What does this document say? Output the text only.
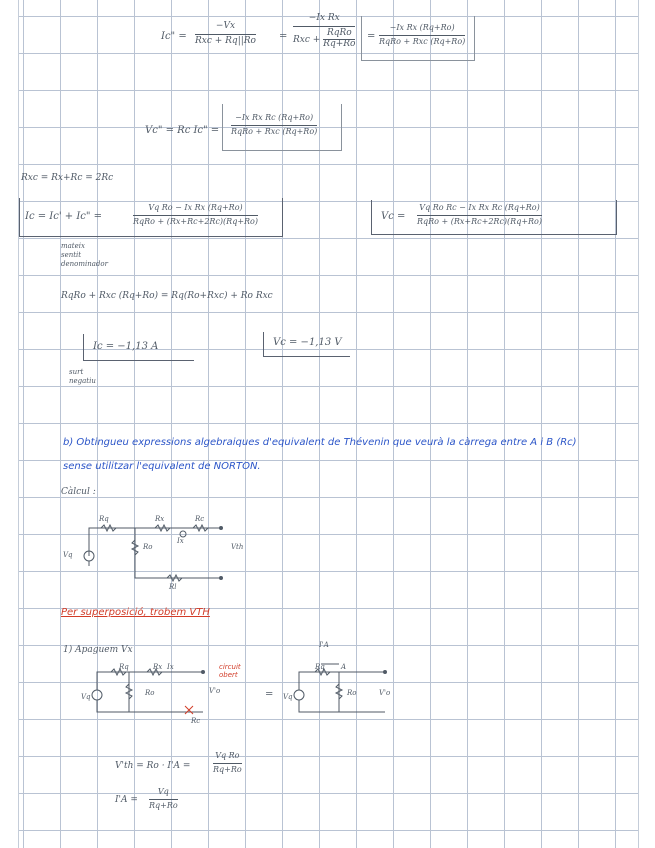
Ic" =
−Vx
Rxc + Rq||Ro =
−Ix Rx
Rxc +
RqRo
Rq+Ro
=
−Ix Rx (Rq+Ro)
RqRo + Rxc (Rq+Ro)
Vc" = Rc Ic" =
−Ix Rx Rc (Rq+Ro)
RqRo + Rxc (Rq+Ro)
Rxc = Rx+Rc = 2Rc
Ic = Ic' + Ic" =
Vq Ro − Ix Rx (Rq+Ro)
RqRo + (Rx+Rc+2Rc)(Rq+Ro)
mateix
sentit
denominador
Vc =
Vq Ro Rc − Ix Rx Rc (Rq+Ro)
RqRo + (Rx+Rc+2Rc)(Rq+Ro)
RqRo + Rxc (Rq+Ro) = Rq(Ro+Rxc) + Ro Rxc
Ic = −1,13 A	Vc = −1,13 V
surt
negatiu
b) Obtingueu expressions algebraiques d'equivalent de Thévenin que veurà la càrrega entre A i B (Rc)
sense utilitzar l'equivalent de NORTON.
Càlcul :
Rq	Rx	Rc
Ix
Ro
Vq
Rl
Vth
Per superposició, trobem VTH
1) Apaguem Vx
Rq	Rx Ix
Ro
Vq
Rc
V'o
circuit obert
=
I'A
Rq A
Ro
Vq	V'o
V'th = Ro · I'A =
Vq Ro
Rq+Ro
I'A =
Vq
Rq+Ro
